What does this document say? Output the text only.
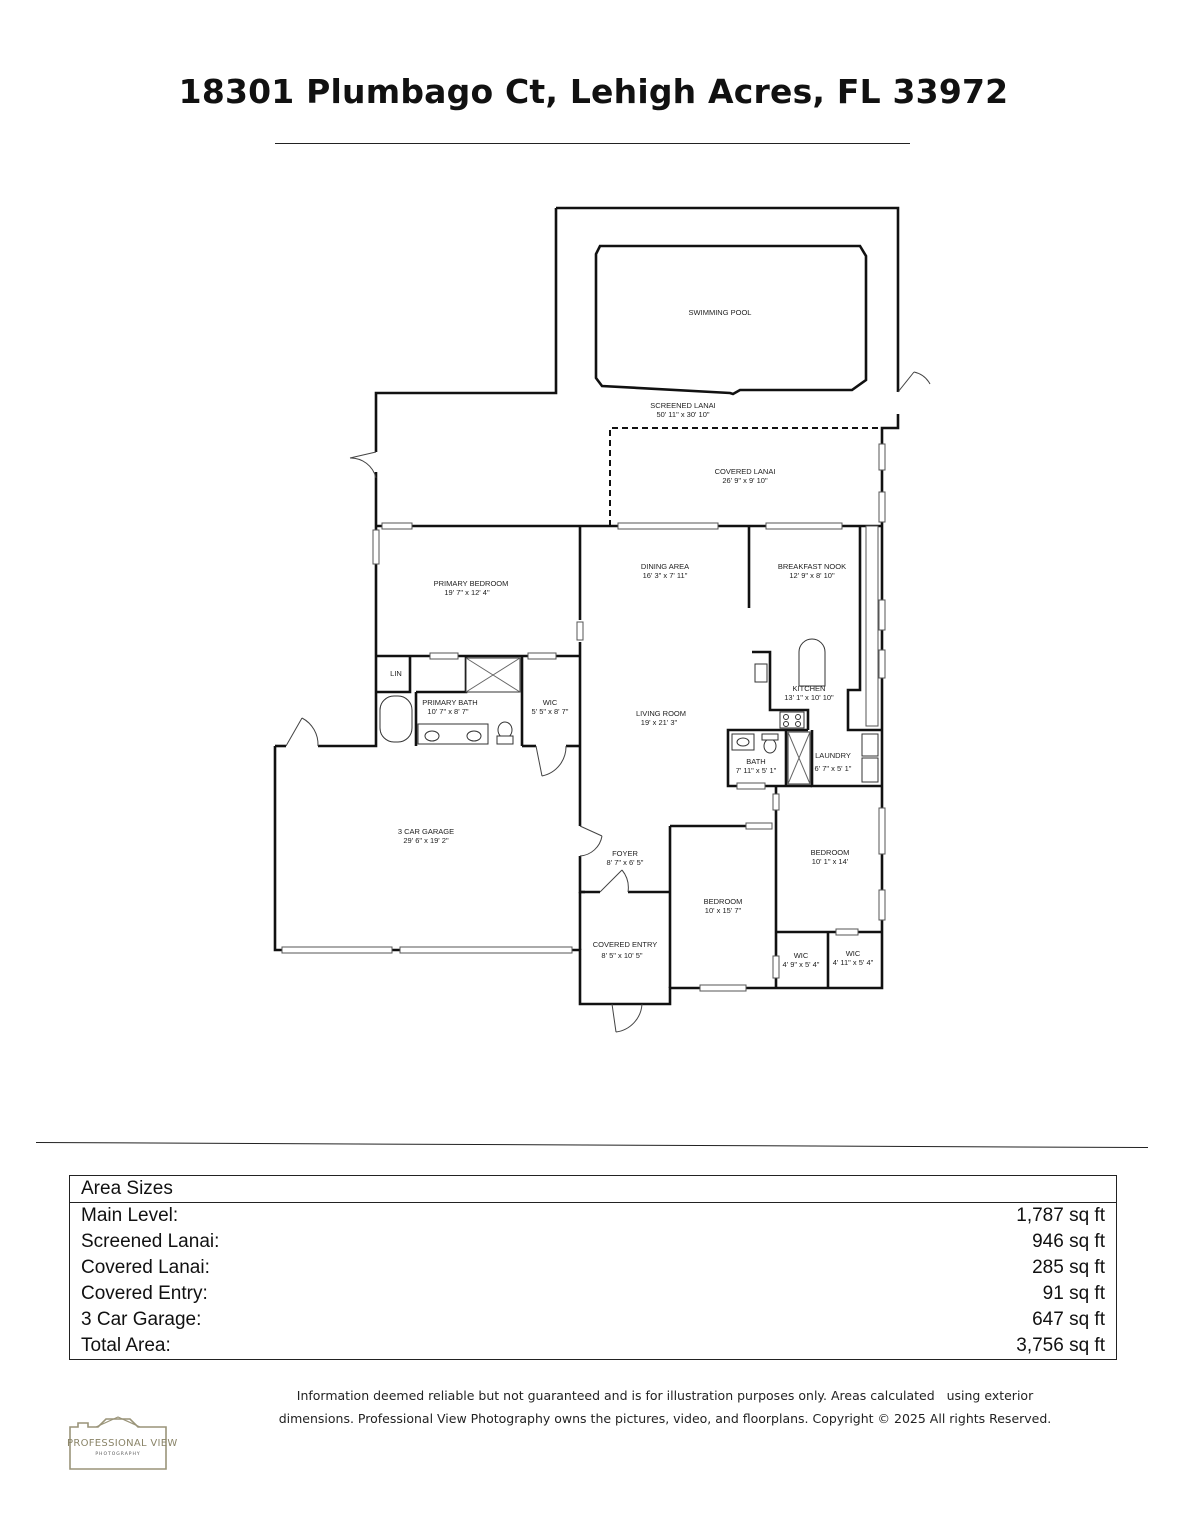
18301 Plumbago Ct, Lehigh Acres, FL 33972
SWIMMING POOL
SCREENED LANAI
50' 11" x 30' 10"
COVERED LANAI
26' 9" x 9' 10"
DINING AREA
16' 3" x 7' 11"
BREAKFAST NOOK
12' 9" x 8' 10"
PRIMARY BEDROOM
19' 7" x 12' 4"
LIN
PRIMARY BATH
10' 7" x 8' 7"
WIC
5' 5" x 8' 7"	LIVING ROOM
19' x 21' 3"
KITCHEN
13' 1" x 10' 10"
BATH
7' 11" x 5' 1"
LAUNDRY
6' 7" x 5' 1"
3 CAR GARAGE
29' 6" x 19' 2"
FOYER
8' 7" x 6' 5"
BEDROOM
10' 1" x 14'
BEDROOM
10' x 15' 7"
COVERED ENTRY
8' 5" x 10' 5"	WIC
4' 9" x 5' 4"
WIC
4' 11" x 5' 4"
Area Sizes
Main Level:	1,787 sq ft
Screened Lanai:	946 sq ft
Covered Lanai:	285 sq ft
Covered Entry:	91 sq ft
3 Car Garage:	647 sq ft
Total Area:	3,756 sq ft
Information deemed reliable but not guaranteed and is for illustration purposes only. Areas calculated   using exterior
dimensions. Professional View Photography owns the pictures, video, and floorplans. Copyright © 2025 All rights Reserved.
PROFESSIONAL VIEW
PHOTOGRAPHY
